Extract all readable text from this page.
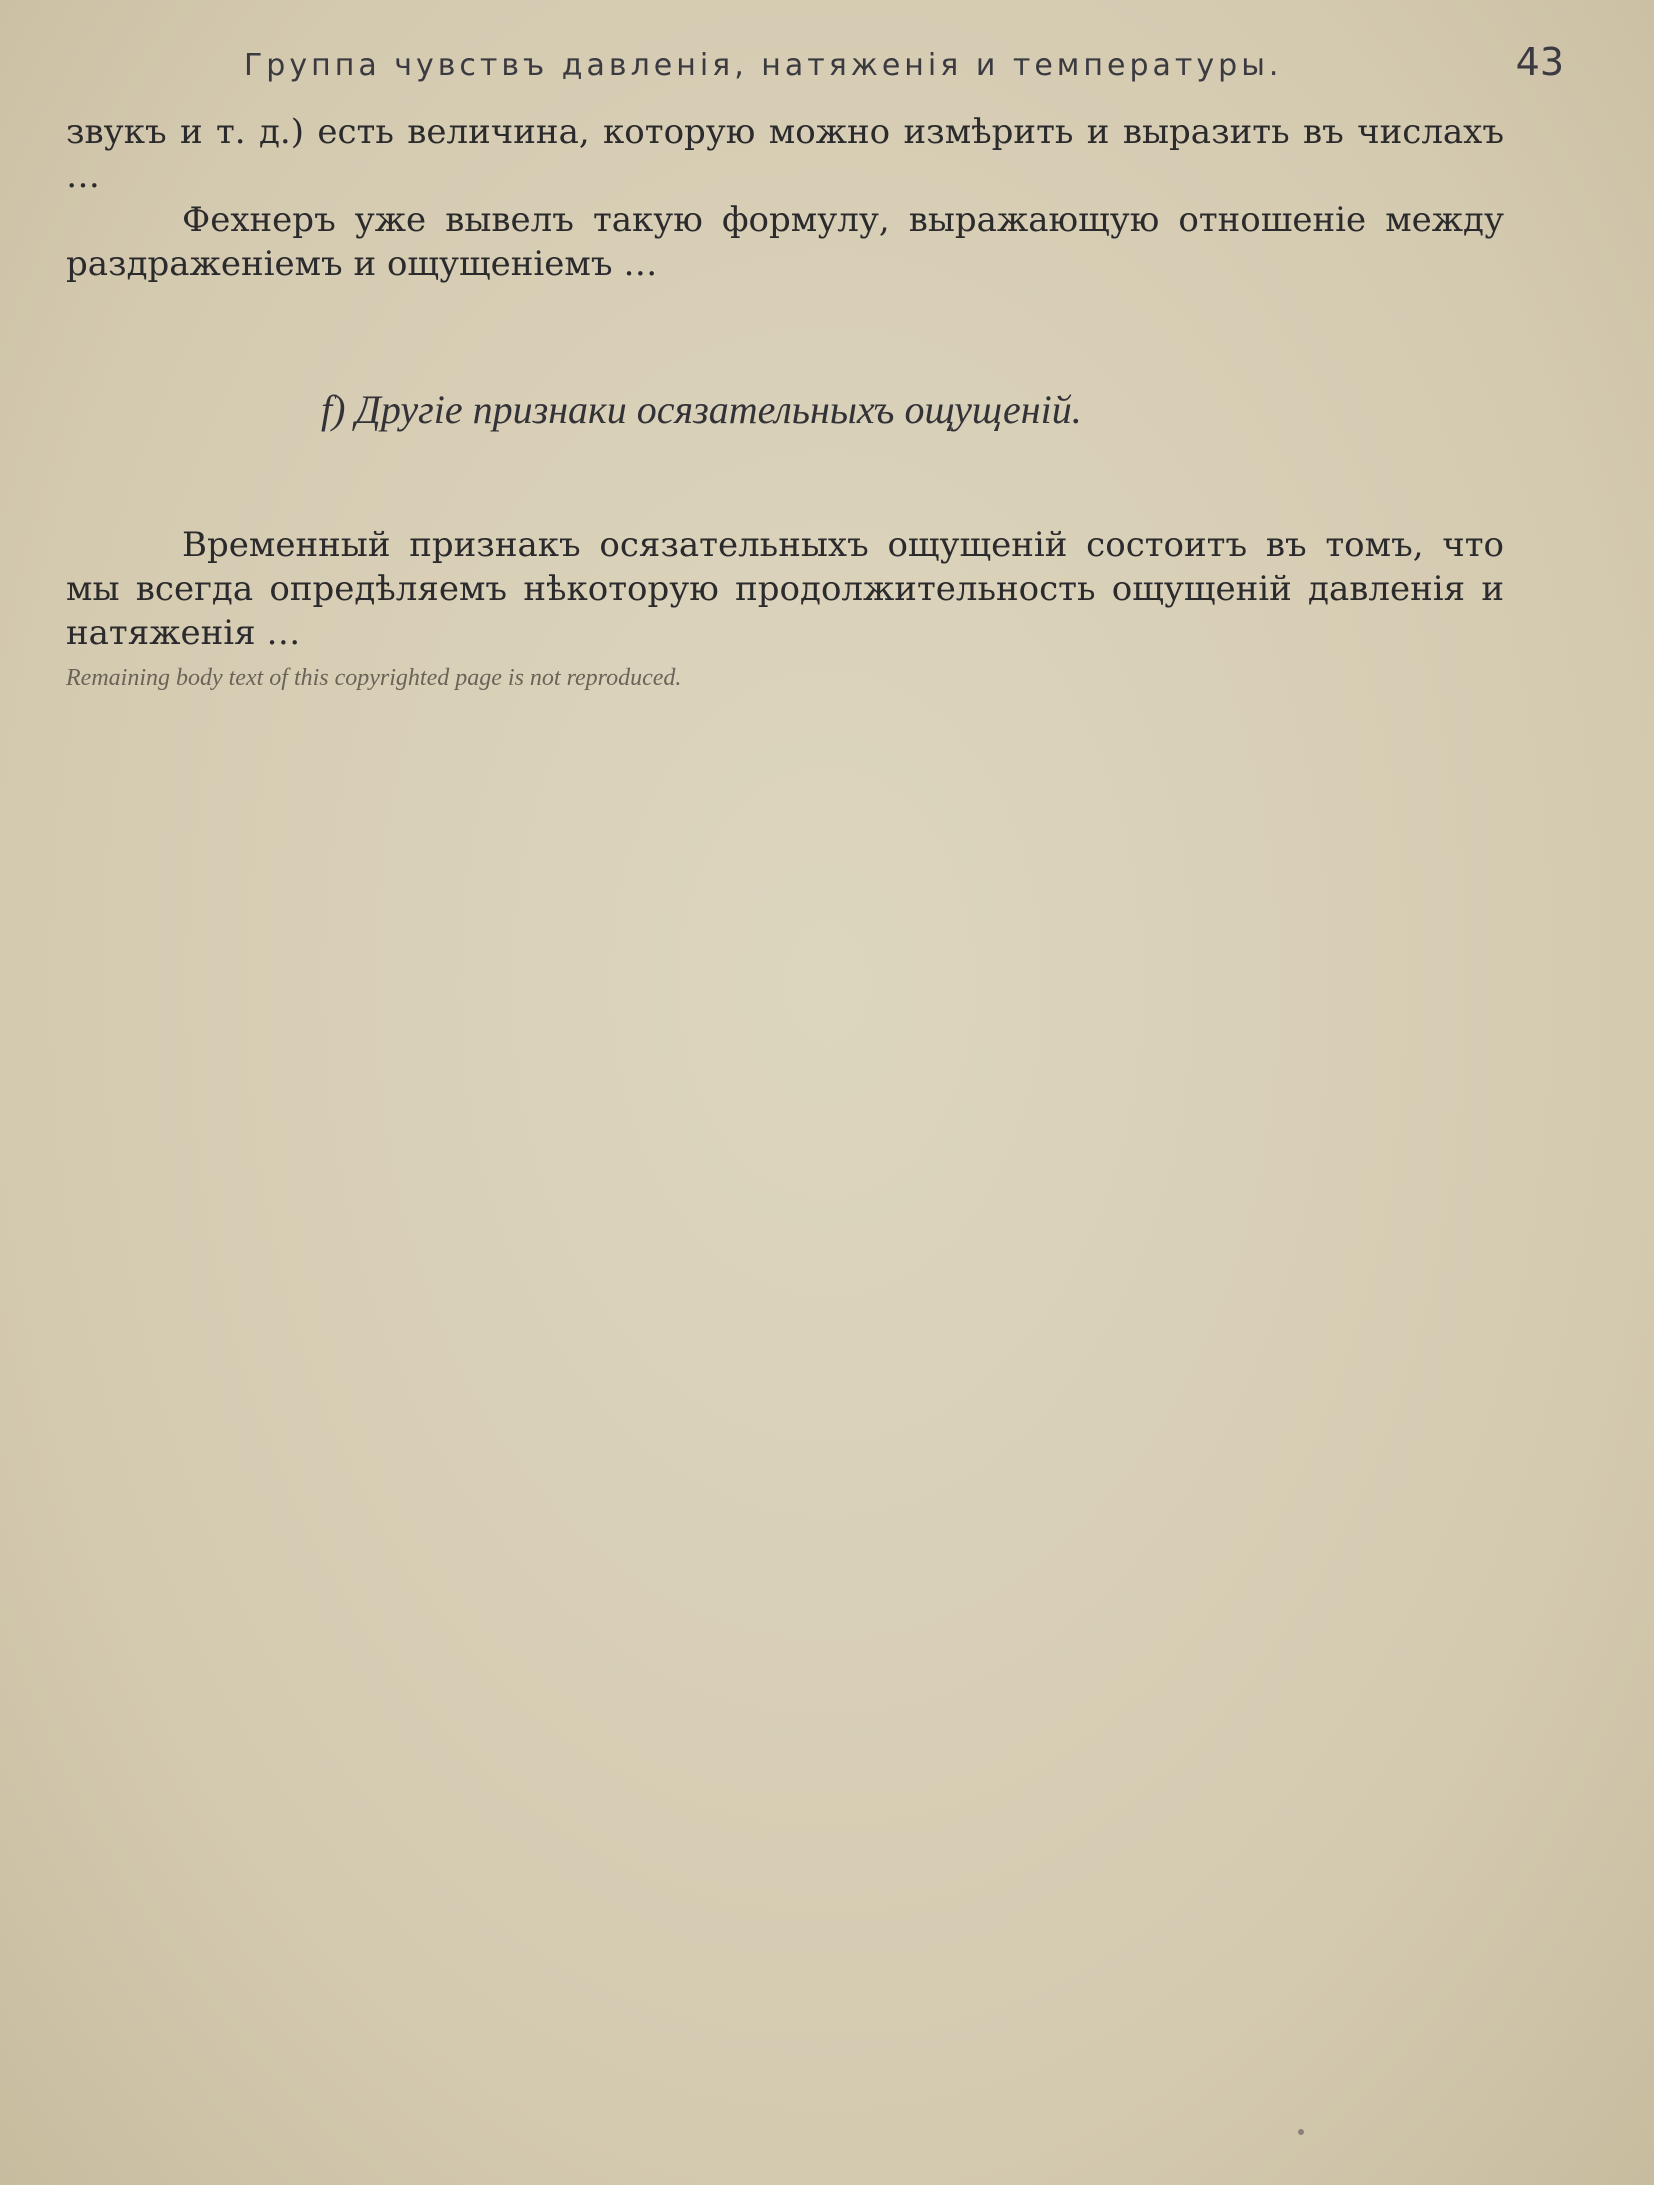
Группа чувствъ давленія, натяженія и температуры.	43

звукъ и т. д.) есть величина, которую можно измѣрить и выразить въ числахъ …

Фехнеръ уже вывелъ такую формулу, выражающую отношеніе между раздраженіемъ и ощущеніемъ …

f) Другіе признаки осязательныхъ ощущеній.

Временный признакъ осязательныхъ ощущеній состоитъ въ томъ, что мы всегда опредѣляемъ нѣкоторую продолжительность ощущеній давленія и натяженія …

Remaining body text of this copyrighted page is not reproduced.
